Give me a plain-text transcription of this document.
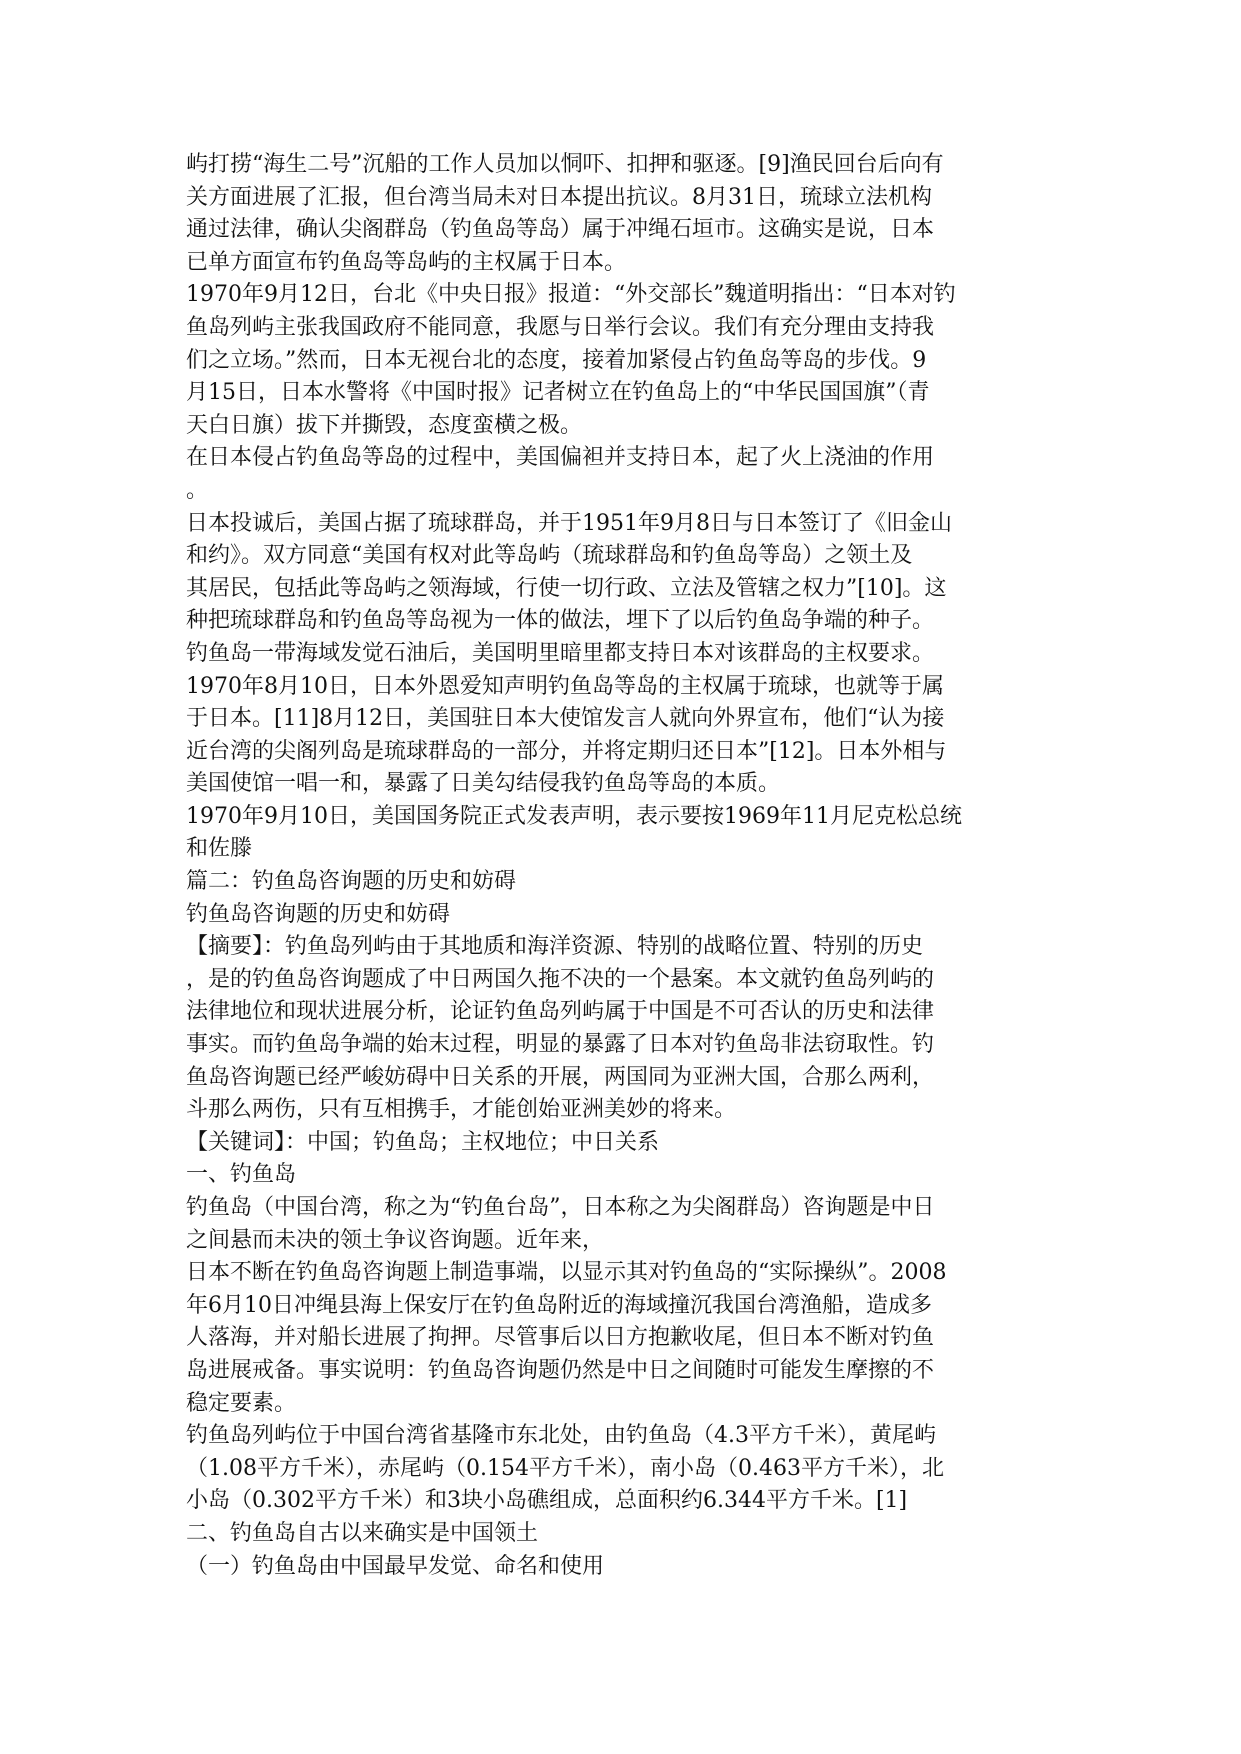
屿打捞“海生二号”沉船的工作人员加以恫吓、扣押和驱逐。[9]渔民回台后向有
关方面进展了汇报，但台湾当局未对日本提出抗议。8月31日，琉球立法机构
通过法律，确认尖阁群岛（钓鱼岛等岛）属于冲绳石垣市。这确实是说，日本
已单方面宣布钓鱼岛等岛屿的主权属于日本。
1970年9月12日，台北《中央日报》报道：“外交部长”魏道明指出：“日本对钓
鱼岛列屿主张我国政府不能同意，我愿与日举行会议。我们有充分理由支持我
们之立场。”然而，日本无视台北的态度，接着加紧侵占钓鱼岛等岛的步伐。9
月15日，日本水警将《中国时报》记者树立在钓鱼岛上的“中华民国国旗”（青
天白日旗）拔下并撕毁，态度蛮横之极。
在日本侵占钓鱼岛等岛的过程中，美国偏袒并支持日本，起了火上浇油的作用
。
日本投诚后，美国占据了琉球群岛，并于1951年9月8日与日本签订了《旧金山
和约》。双方同意“美国有权对此等岛屿（琉球群岛和钓鱼岛等岛）之领土及
其居民，包括此等岛屿之领海域，行使一切行政、立法及管辖之权力”[10]。这
种把琉球群岛和钓鱼岛等岛视为一体的做法，埋下了以后钓鱼岛争端的种子。
钓鱼岛一带海域发觉石油后，美国明里暗里都支持日本对该群岛的主权要求。
1970年8月10日，日本外恩爱知声明钓鱼岛等岛的主权属于琉球，也就等于属
于日本。[11]8月12日，美国驻日本大使馆发言人就向外界宣布，他们“认为接
近台湾的尖阁列岛是琉球群岛的一部分，并将定期归还日本”[12]。日本外相与
美国使馆一唱一和，暴露了日美勾结侵我钓鱼岛等岛的本质。
1970年9月10日，美国国务院正式发表声明，表示要按1969年11月尼克松总统
和佐滕
篇二：钓鱼岛咨询题的历史和妨碍
钓鱼岛咨询题的历史和妨碍
【摘要】：钓鱼岛列屿由于其地质和海洋资源、特别的战略位置、特别的历史
，是的钓鱼岛咨询题成了中日两国久拖不决的一个悬案。本文就钓鱼岛列屿的
法律地位和现状进展分析，论证钓鱼岛列屿属于中国是不可否认的历史和法律
事实。而钓鱼岛争端的始末过程，明显的暴露了日本对钓鱼岛非法窃取性。钓
鱼岛咨询题已经严峻妨碍中日关系的开展，两国同为亚洲大国，合那么两利，
斗那么两伤，只有互相携手，才能创始亚洲美妙的将来。
【关键词】：中国；钓鱼岛；主权地位；中日关系
一、钓鱼岛
钓鱼岛（中国台湾，称之为“钓鱼台岛”，日本称之为尖阁群岛）咨询题是中日
之间悬而未决的领土争议咨询题。近年来，
日本不断在钓鱼岛咨询题上制造事端，以显示其对钓鱼岛的“实际操纵”。2008
年6月10日冲绳县海上保安厅在钓鱼岛附近的海域撞沉我国台湾渔船，造成多
人落海，并对船长进展了拘押。尽管事后以日方抱歉收尾，但日本不断对钓鱼
岛进展戒备。事实说明：钓鱼岛咨询题仍然是中日之间随时可能发生摩擦的不
稳定要素。
钓鱼岛列屿位于中国台湾省基隆市东北处，由钓鱼岛（4.3平方千米），黄尾屿
（1.08平方千米），赤尾屿（0.154平方千米），南小岛（0.463平方千米），北
小岛（0.302平方千米）和3块小岛礁组成，总面积约6.344平方千米。[1]
二、钓鱼岛自古以来确实是中国领土
（一）钓鱼岛由中国最早发觉、命名和使用
